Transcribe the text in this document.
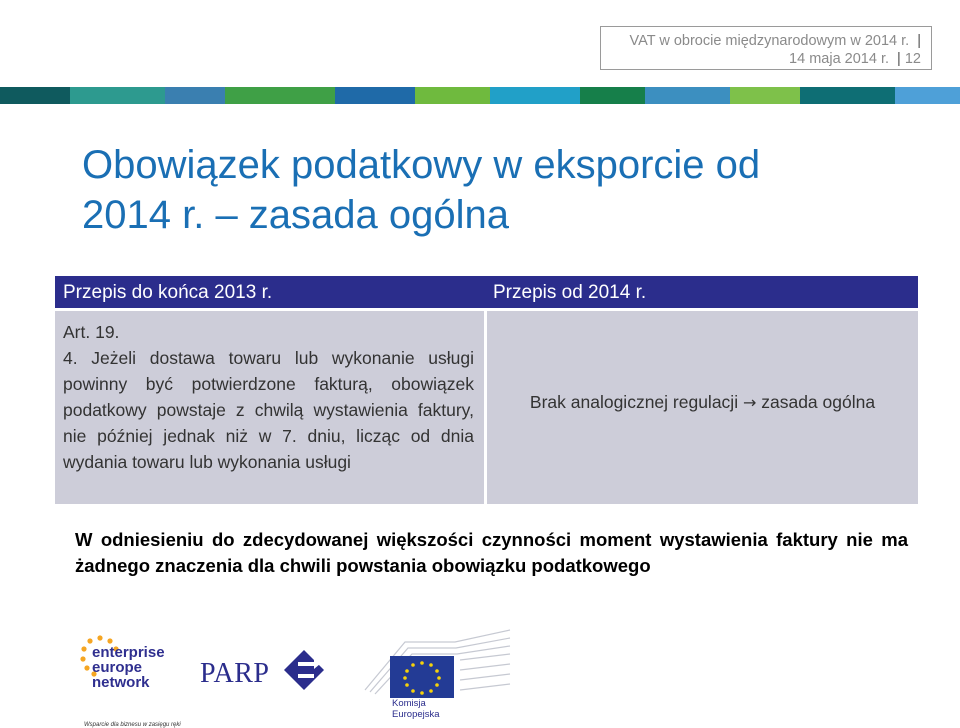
VAT w obrocie międzynarodowym w 2014 r. |
14 maja 2014 r. | 12
Obowiązek podatkowy w eksporcie od
2014 r. – zasada ogólna
Przepis do końca 2013 r.	Przepis od 2014 r.

Art. 19.

4. Jeżeli dostawa towaru lub wykonanie usługi powinny być potwierdzone fakturą, obowiązek podatkowy powstaje z chwilą wystawienia faktury, nie później jednak niż w 7. dniu, licząc od dnia wydania towaru lub wykonania usługi

Brak analogicznej regulacji → zasada ogólna
W odniesieniu do zdecydowanej większości czynności moment wystawienia faktury nie ma żadnego znaczenia dla chwili powstania obowiązku podatkowego
enterprise
europe
network
Wsparcie dla biznesu w zasięgu ręki
PARP
Komisja
Europejska
